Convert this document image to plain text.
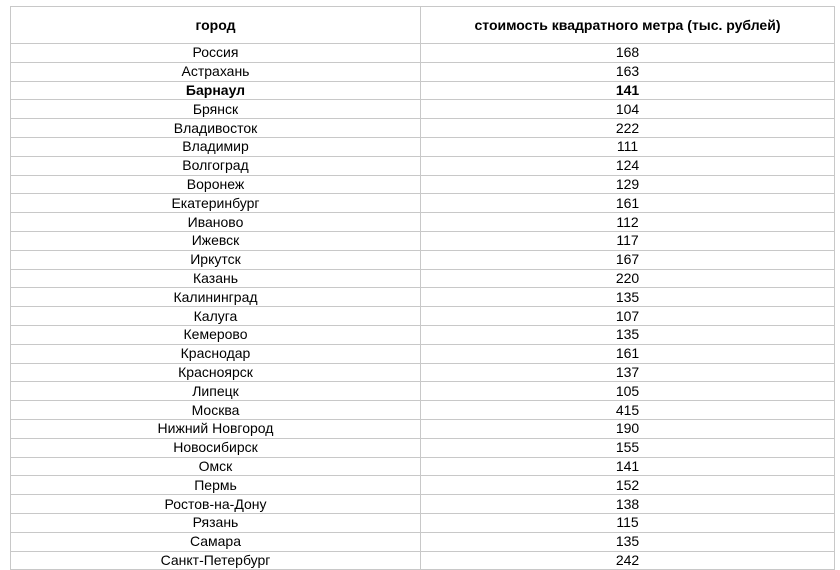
город	стоимость квадратного метра (тыс. рублей)
Россия	168
Астрахань	163
Барнаул	141
Брянск	104
Владивосток	222
Владимир	111
Волгоград	124
Воронеж	129
Екатеринбург	161
Иваново	112
Ижевск	117
Иркутск	167
Казань	220
Калининград	135
Калуга	107
Кемерово	135
Краснодар	161
Красноярск	137
Липецк	105
Москва	415
Нижний Новгород	190
Новосибирск	155
Омск	141
Пермь	152
Ростов-на-Дону	138
Рязань	115
Самара	135
Санкт-Петербург	242
